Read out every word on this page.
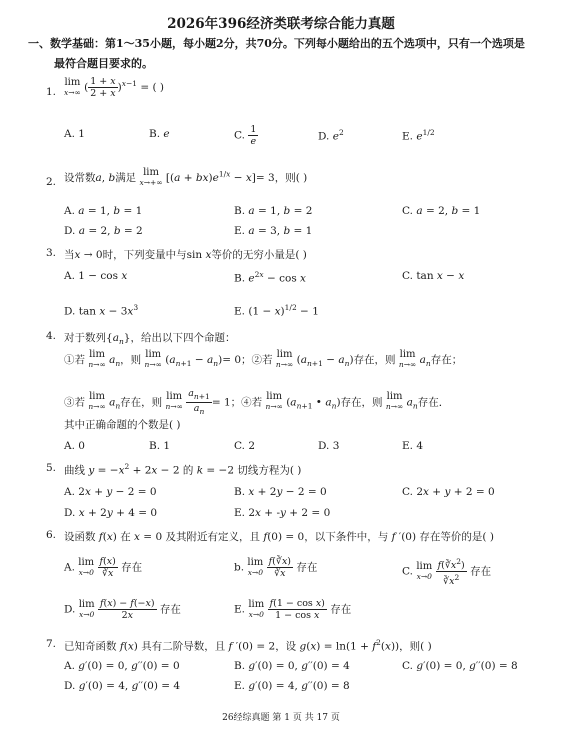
2026年396经济类联考综合能力真题
一、数学基础：第1～35小题，每小题2分，共70分。下列每小题给出的五个选项中，只有一个选项是
最符合题目要求的。
1.
lim
x→∞ ( $\frac{1 + x}{2 + x} )^{x-1}$ = ( )
A. 1	B. e	C. $\frac{1}{e}$	D. $e^2$	E. $e^{1/2}$
2. 设常数a, b满足 lim
x→+∞ $[(a + bx)e^{1/x} - x]= 3$，则( )
A. a = 1, b = 1	B. a = 1, b = 2	C. a = 2, b = 1
D. a = 2, b = 2	E. a = 3, b = 1
3. 当x → 0时，下列变量中与sin x等价的无穷小量是( )
A. 1 − cos x	B. $e^{2x} - \cos x$	C. tan x − x
D. $\tan x - 3x^3$	E. $(1 - x)^{1/2} - 1$
4. 对于数列$\{a_n\}$，给出以下四个命题：
①若 lim
n→∞ $a_n$，则 lim
n→∞ $(a_{n+1} - a_n)= 0$；②若 lim
n→∞ $(a_{n+1} - a_n)$存在，则 lim
n→∞ $a_n$存在；
③若 lim
n→∞ $a_n$存在，则 lim
n→∞
$\frac{a_{n+1}}{a_n} = 1$；④若 lim
n→∞ ($a_{n+1}$ • $a_n$)存在，则 lim
n→∞ $a_n$存在．
其中正确命题的个数是( )
A. 0	B. 1	C. 2	D. 3	E. 4
5. 曲线 $y = -x^2 + 2x - 2$ 的 k = −2 切线方程为( )
A. 2x + y − 2 = 0	B. x + 2y − 2 = 0	C. 2x + y + 2 = 0
D. x + 2y + 4 = 0	E. 2x + -y + 2 = 0
6. 设函数 f(x) 在 x = 0 及其附近有定义，且 f(0) = 0，以下条件中，与 f ′(0) 存在等价的是( )
A. lim
x→0
$\frac{f(x)}{∛x}$ 存在	b. lim
x→0
$\frac{f(∛x)}{∛x}$ 存在	C. lim
x→0
$\frac{f(∛x^2)}{∛x^2}$ 存在
D. lim
x→0
$\frac{f(x) - f(-x)}{2x}$ 存在	E. lim
x→0
$\frac{\text{f(1 − cos x)}}{\text{1 − cos x}}$ 存在
7. 已知奇函数 f(x) 具有二阶导数，且 f ′(0) = 2，设 $g(x) = \ln(1 + f^2(x))$，则( )
A. g′(0) = 0, g′′(0) = 0	B. g′(0) = 0, g′′(0) = 4	C. g′(0) = 0, g′′(0) = 8
D. g′(0) = 4, g′′(0) = 4	E. g′(0) = 4, g′′(0) = 8
26经综真题 第 1 页 共 17 页
